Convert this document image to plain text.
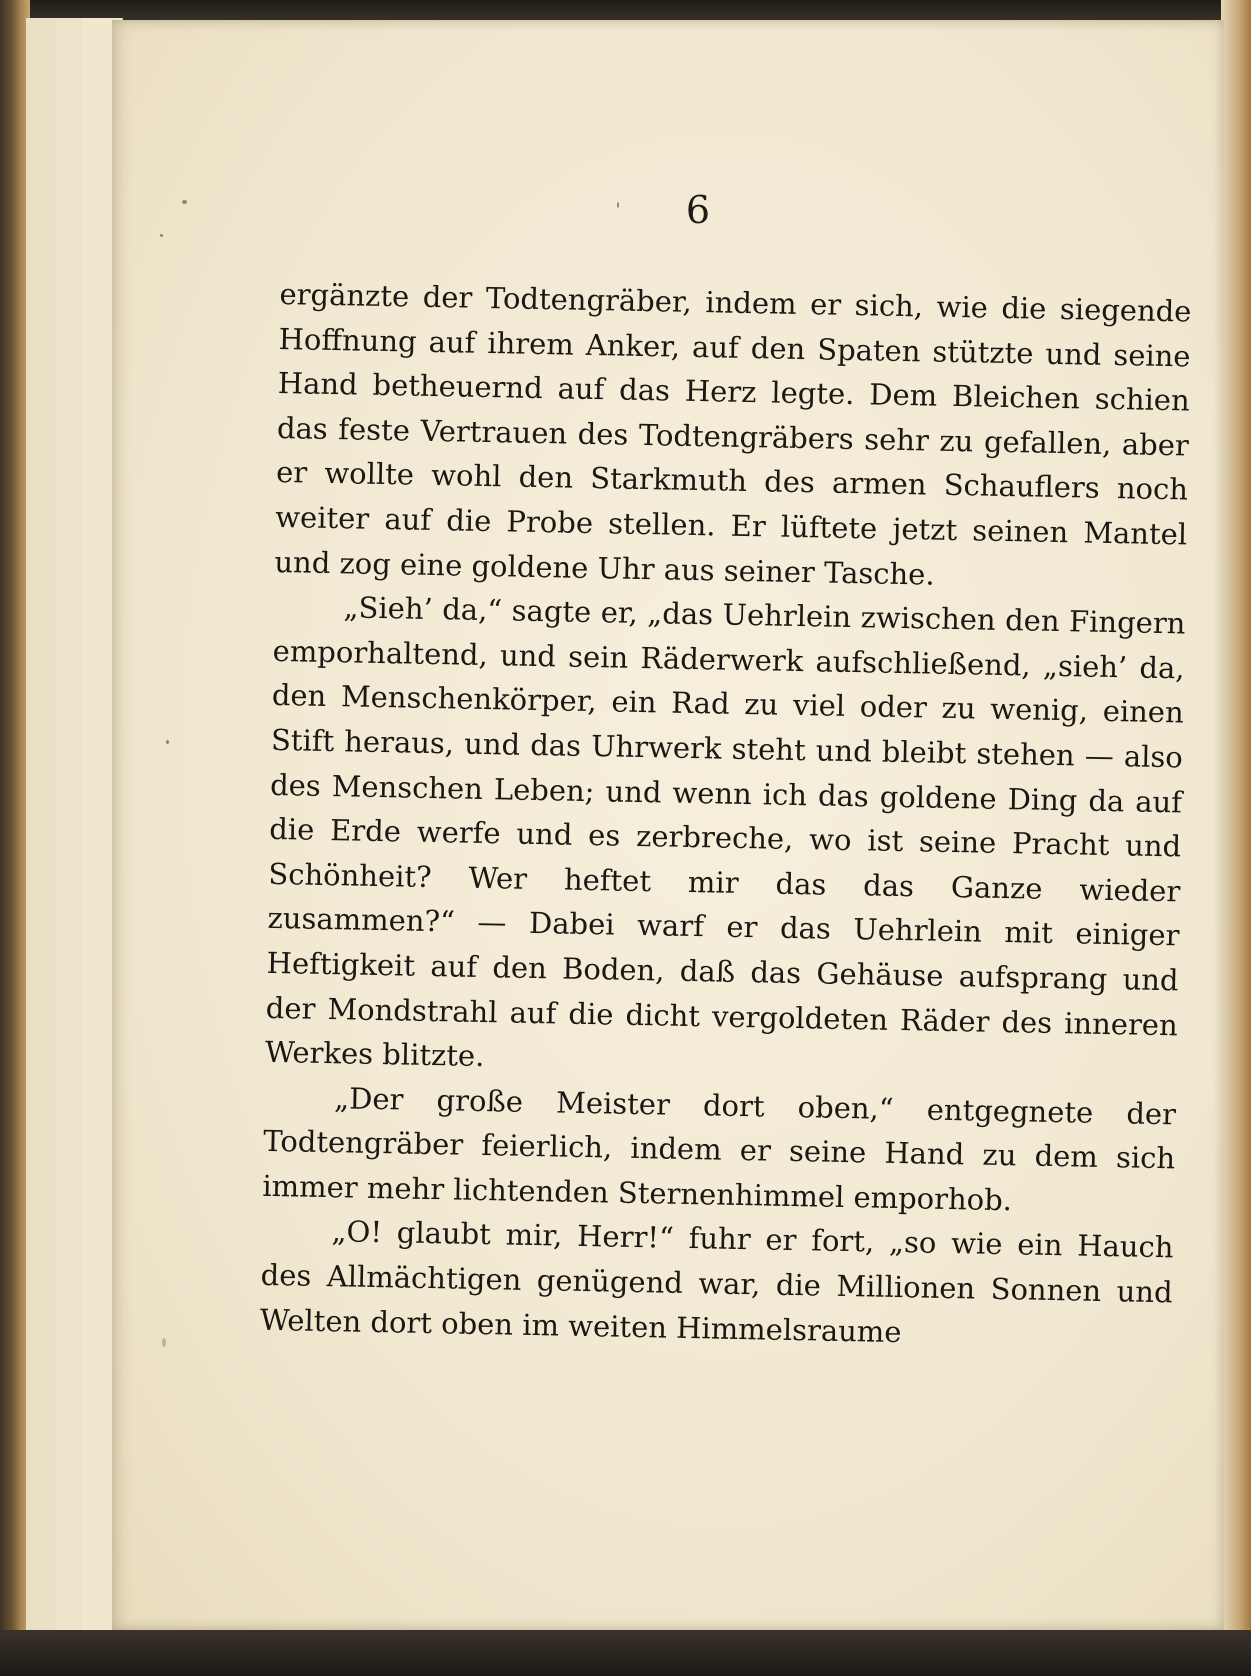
6

ergänzte der Todtengräber, indem er sich, wie die siegende Hoffnung auf ihrem Anker, auf den Spaten stützte und seine Hand betheuernd auf das Herz legte. Dem Bleichen schien das feste Vertrauen des Todtengräbers sehr zu gefallen, aber er wollte wohl den Starkmuth des armen Schauflers noch weiter auf die Probe stellen. Er lüftete jetzt seinen Mantel und zog eine goldene Uhr aus seiner Tasche.

„Sieh’ da,“ sagte er, „das Uehrlein zwischen den Fingern emporhaltend, und sein Räderwerk aufschließend, „sieh’ da, den Menschenkörper, ein Rad zu viel oder zu wenig, einen Stift heraus, und das Uhrwerk steht und bleibt stehen — also des Menschen Leben; und wenn ich das goldene Ding da auf die Erde werfe und es zerbreche, wo ist seine Pracht und Schönheit? Wer heftet mir das das Ganze wieder zusammen?“ — Dabei warf er das Uehrlein mit einiger Heftigkeit auf den Boden, daß das Gehäuse aufsprang und der Mondstrahl auf die dicht vergoldeten Räder des inneren Werkes blitzte.

„Der große Meister dort oben,“ entgegnete der Todtengräber feierlich, indem er seine Hand zu dem sich immer mehr lichtenden Sternenhimmel emporhob.

„O! glaubt mir, Herr!“ fuhr er fort, „so wie ein Hauch des Allmächtigen genügend war, die Millionen Sonnen und Welten dort oben im weiten Himmelsraume
